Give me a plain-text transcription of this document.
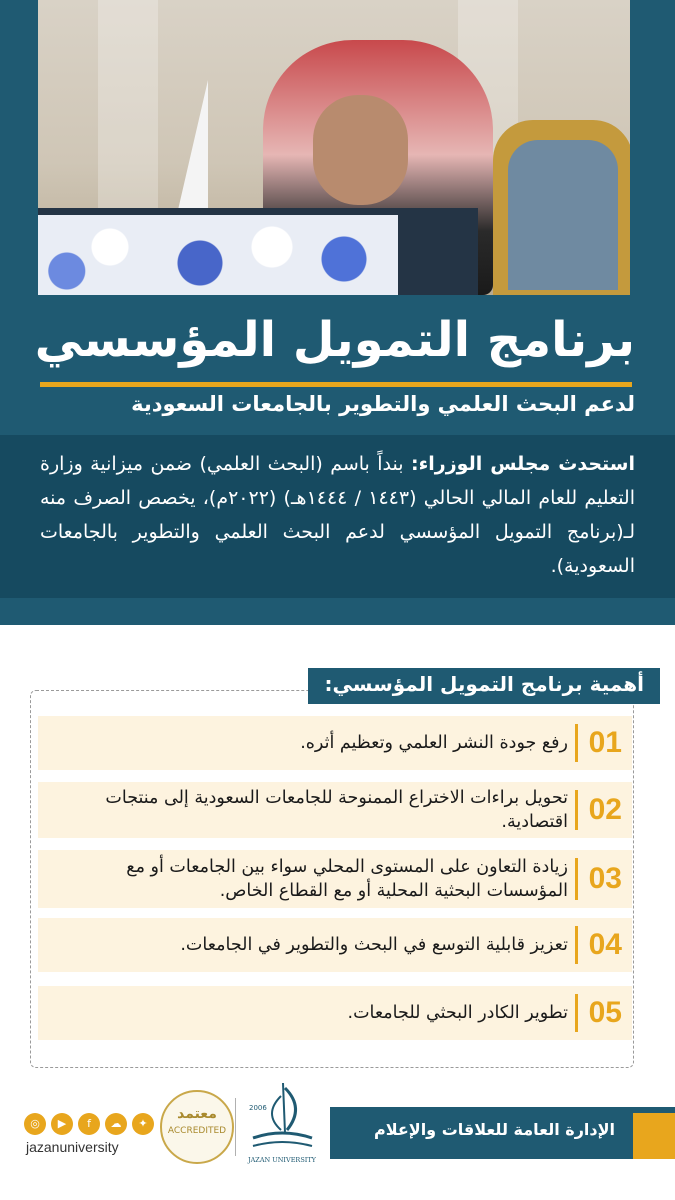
برنامج التمويل المؤسسي
لدعم البحث العلمي والتطوير بالجامعات السعودية

استحدث مجلس الوزراء: بنداً باسم (البحث العلمي) ضمن ميزانية وزارة التعليم للعام المالي الحالي (١٤٤٣ / ١٤٤٤هـ) (٢٠٢٢م)، يخصص الصرف منه لـ(برنامج التمويل المؤسسي لدعم البحث العلمي والتطوير بالجامعات السعودية).

أهمية برنامج التمويل المؤسسي:
01
رفع جودة النشر العلمي وتعظيم أثره.
02
تحويل براءات الاختراع الممنوحة للجامعات السعودية إلى منتجات اقتصادية.
03
زيادة التعاون على المستوى المحلي سواء بين الجامعات أو مع المؤسسات البحثية المحلية أو مع القطاع الخاص.
04
تعزيز قابلية التوسع في البحث والتطوير في الجامعات.
05
تطوير الكادر البحثي للجامعات.
الإدارة العامة للعلاقات والإعلام
2006
JAZAN UNIVERSITY
معتمد
ACCREDITED
◎	▶	f	☁	✦
jazanuniversity
